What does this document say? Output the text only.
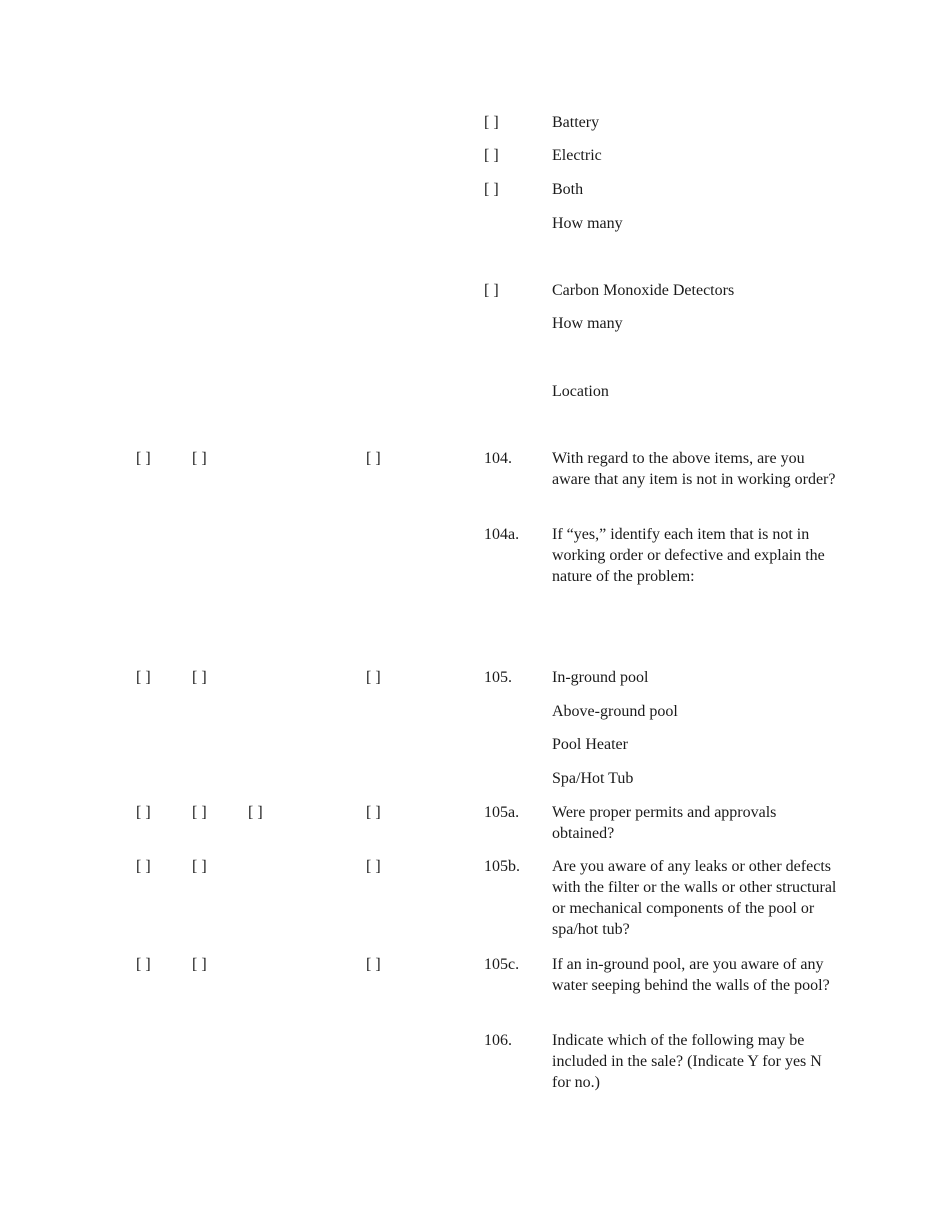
[ ]	Battery
[ ]	Electric
[ ]	Both
How many
[ ]	Carbon Monoxide Detectors
How many
Location
[ ]	[ ]	[ ]	104.	With regard to the above items, are you aware that any item is not in working order?
104a. If “yes,” identify each item that is not in working order or defective and explain the nature of the problem:
[ ]	[ ]	[ ]	105.	In-ground pool
Above-ground pool
Pool Heater
Spa/Hot Tub
[ ]	[ ]	[ ]	[ ]	105a. Were proper permits and approvals obtained?
[ ]	[ ]	[ ]	105b. Are you aware of any leaks or other defects with the filter or the walls or other structural or mechanical components of the pool or spa/hot tub?
[ ]	[ ]	[ ]	105c. If an in-ground pool, are you aware of any water seeping behind the walls of the pool?
106.	Indicate which of the following may be included in the sale? (Indicate Y for yes N for no.)
